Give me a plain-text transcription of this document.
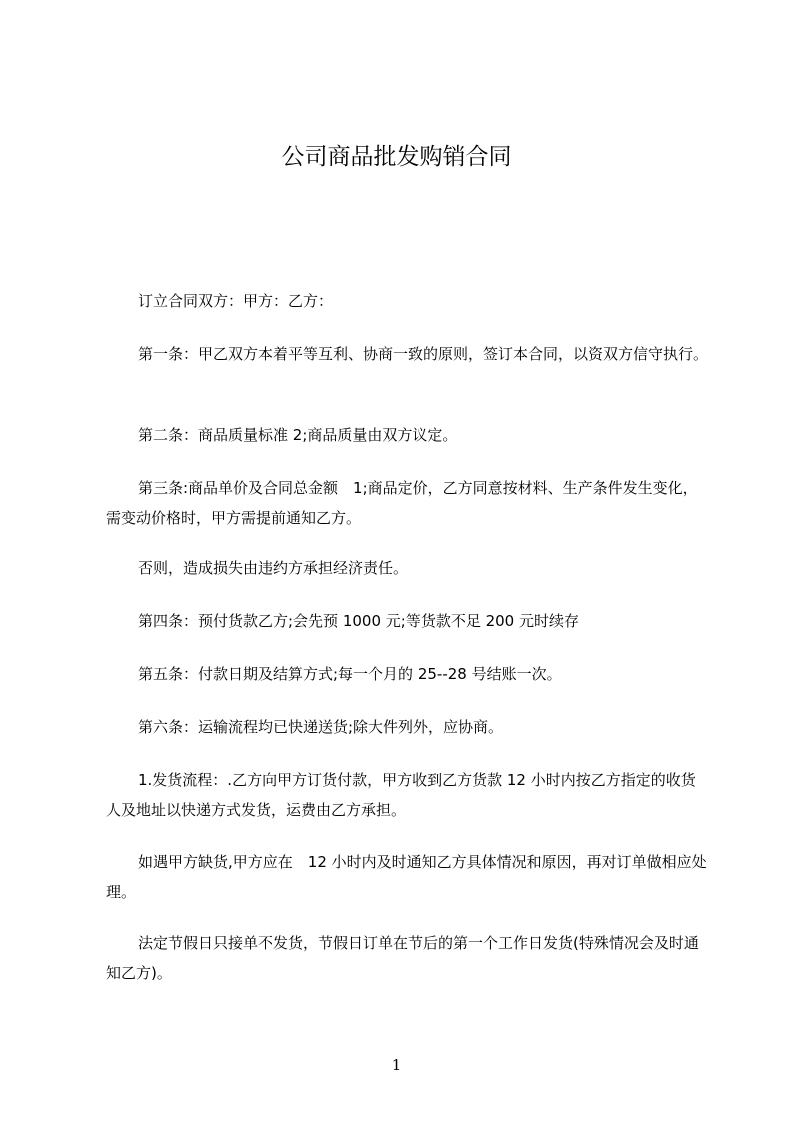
公司商品批发购销合同

订立合同双方：甲方：乙方：

第一条：甲乙双方本着平等互利、协商一致的原则，签订本合同，以资双方信守执行。

第二条：商品质量标准 2;商品质量由双方议定。

第三条:商品单价及合同总金额　1;商品定价，乙方同意按材料、生产条件发生变化，需变动价格时，甲方需提前通知乙方。

否则，造成损失由违约方承担经济责任。

第四条：预付货款乙方;会先预 1000 元;等货款不足 200 元时续存

第五条：付款日期及结算方式;每一个月的 25--28 号结账一次。

第六条：运输流程均已快递送货;除大件列外，应协商。

1.发货流程：.乙方向甲方订货付款，甲方收到乙方货款 12 小时内按乙方指定的收货人及地址以快递方式发货，运费由乙方承担。

如遇甲方缺货,甲方应在　12 小时内及时通知乙方具体情况和原因，再对订单做相应处理。

法定节假日只接单不发货，节假日订单在节后的第一个工作日发货(特殊情况会及时通知乙方)。

1
